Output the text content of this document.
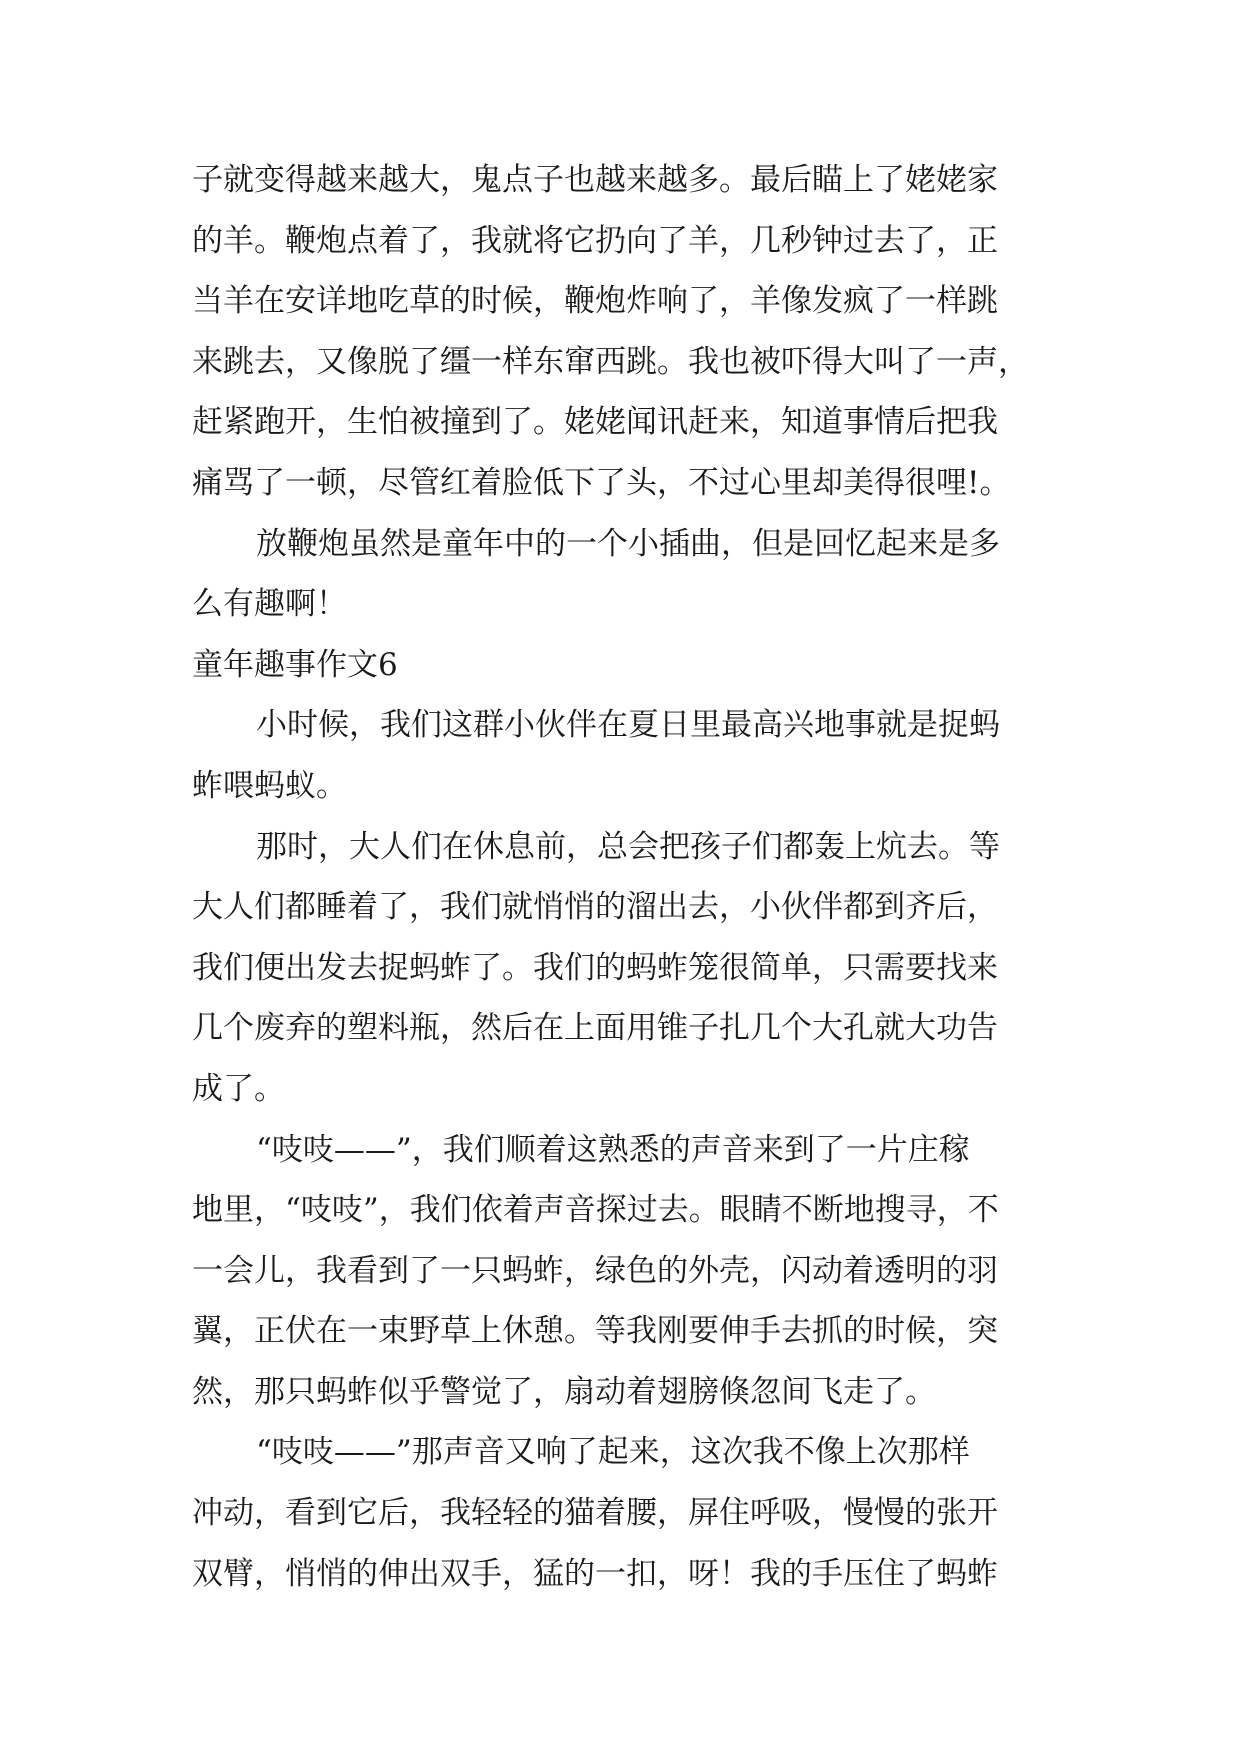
子就变得越来越大，鬼点子也越来越多。最后瞄上了姥姥家
的羊。鞭炮点着了，我就将它扔向了羊，几秒钟过去了，正
当羊在安详地吃草的时候，鞭炮炸响了，羊像发疯了一样跳
来跳去，又像脱了缰一样东窜西跳。我也被吓得大叫了一声，
赶紧跑开，生怕被撞到了。姥姥闻讯赶来，知道事情后把我
痛骂了一顿，尽管红着脸低下了头，不过心里却美得很哩!。
放鞭炮虽然是童年中的一个小插曲，但是回忆起来是多
么有趣啊！
童年趣事作文6
小时候，我们这群小伙伴在夏日里最高兴地事就是捉蚂
蚱喂蚂蚁。
那时，大人们在休息前，总会把孩子们都轰上炕去。等
大人们都睡着了，我们就悄悄的溜出去，小伙伴都到齐后，
我们便出发去捉蚂蚱了。我们的蚂蚱笼很简单，只需要找来
几个废弃的塑料瓶，然后在上面用锥子扎几个大孔就大功告
成了。
“吱吱——”，我们顺着这熟悉的声音来到了一片庄稼
地里，“吱吱”，我们依着声音探过去。眼睛不断地搜寻，不
一会儿，我看到了一只蚂蚱，绿色的外壳，闪动着透明的羽
翼，正伏在一束野草上休憩。等我刚要伸手去抓的时候，突
然，那只蚂蚱似乎警觉了，扇动着翅膀倏忽间飞走了。
“吱吱——”那声音又响了起来，这次我不像上次那样
冲动，看到它后，我轻轻的猫着腰，屏住呼吸，慢慢的张开
双臂，悄悄的伸出双手，猛的一扣，呀！我的手压住了蚂蚱
